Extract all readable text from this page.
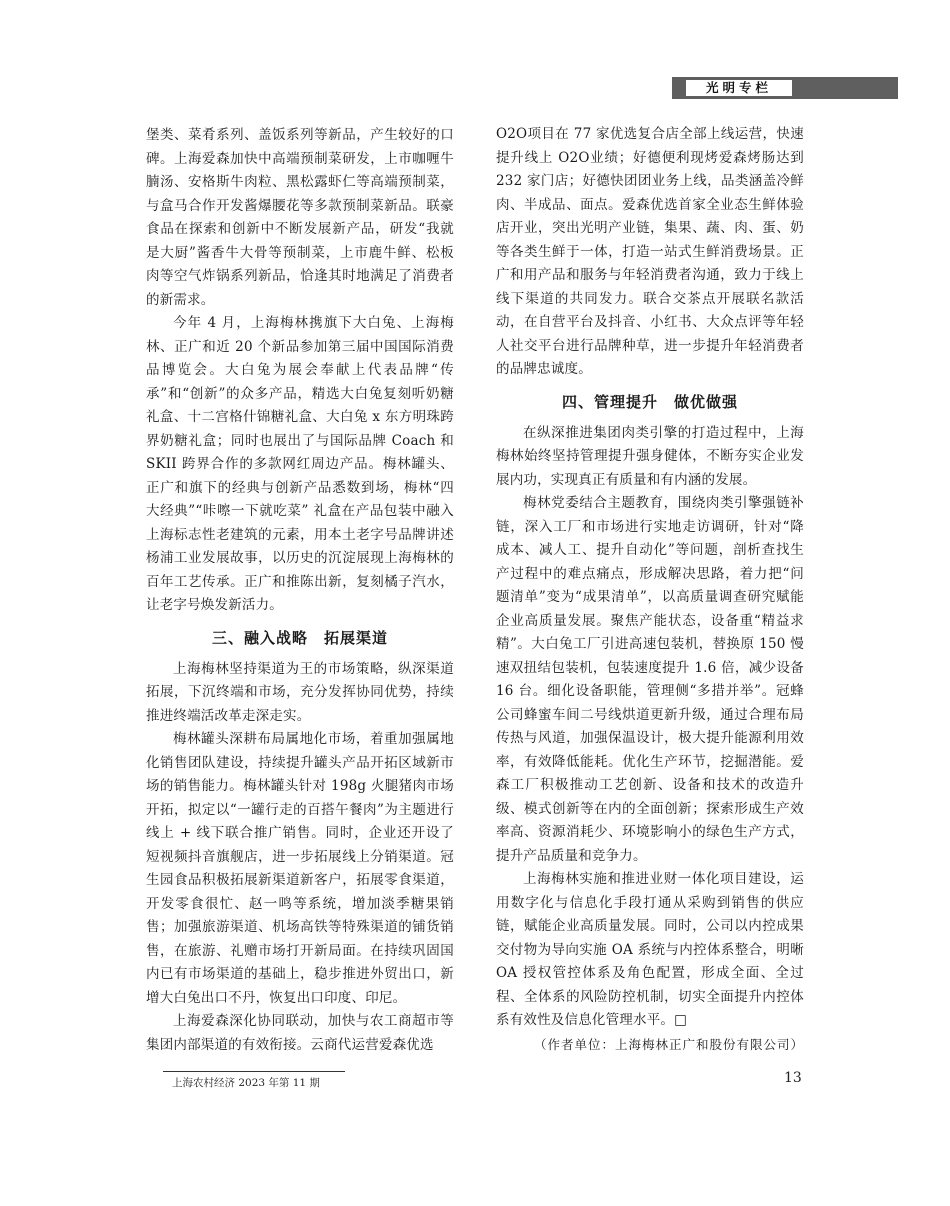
光明专栏

堡类、菜肴系列、盖饭系列等新品，产生较好的口碑。上海爱森加快中高端预制菜研发，上市咖喱牛腩汤、安格斯牛肉粒、黑松露虾仁等高端预制菜，与盒马合作开发酱爆腰花等多款预制菜新品。联豪食品在探索和创新中不断发展新产品，研发“我就是大厨”酱香牛大骨等预制菜，上市鹿牛鲜、松板肉等空气炸锅系列新品，恰逢其时地满足了消费者的新需求。

今年 4 月，上海梅林携旗下大白兔、上海梅林、正广和近 20 个新品参加第三届中国国际消费品博览会。大白兔为展会奉献上代表品牌“传承”和“创新”的众多产品，精选大白兔复刻听奶糖礼盒、十二宫格什锦糖礼盒、大白兔 x 东方明珠跨界奶糖礼盒；同时也展出了与国际品牌 Coach 和 SKII 跨界合作的多款网红周边产品。梅林罐头、正广和旗下的经典与创新产品悉数到场，梅林“四大经典”“咔嚓一下就吃菜” 礼盒在产品包装中融入上海标志性老建筑的元素，用本土老字号品牌讲述杨浦工业发展故事，以历史的沉淀展现上海梅林的百年工艺传承。正广和推陈出新，复刻橘子汽水，让老字号焕发新活力。

三、融入战略　拓展渠道

上海梅林坚持渠道为王的市场策略，纵深渠道拓展，下沉终端和市场，充分发挥协同优势，持续推进终端活改革走深走实。

梅林罐头深耕布局属地化市场，着重加强属地化销售团队建设，持续提升罐头产品开拓区域新市场的销售能力。梅林罐头针对 198g 火腿猪肉市场开拓，拟定以“一罐行走的百搭午餐肉”为主题进行线上 + 线下联合推广销售。同时，企业还开设了短视频抖音旗舰店，进一步拓展线上分销渠道。冠生园食品积极拓展新渠道新客户，拓展零食渠道，开发零食很忙、赵一鸣等系统，增加淡季糖果销售；加强旅游渠道、机场高铁等特殊渠道的铺货销售，在旅游、礼赠市场打开新局面。在持续巩固国内已有市场渠道的基础上，稳步推进外贸出口，新增大白兔出口不丹，恢复出口印度、印尼。

上海爱森深化协同联动，加快与农工商超市等集团内部渠道的有效衔接。云商代运营爱森优选

O2O项目在 77 家优选复合店全部上线运营，快速提升线上 O2O业绩；好德便利现烤爱森烤肠达到 232 家门店；好德快团团业务上线，品类涵盖冷鲜肉、半成品、面点。爱森优选首家全业态生鲜体验店开业，突出光明产业链，集果、蔬、肉、蛋、奶等各类生鲜于一体，打造一站式生鲜消费场景。正广和用产品和服务与年轻消费者沟通，致力于线上线下渠道的共同发力。联合交茶点开展联名款活动，在自营平台及抖音、小红书、大众点评等年轻人社交平台进行品牌种草，进一步提升年轻消费者的品牌忠诚度。

四、管理提升　做优做强

在纵深推进集团肉类引擎的打造过程中，上海梅林始终坚持管理提升强身健体，不断夯实企业发展内功，实现真正有质量和有内涵的发展。

梅林党委结合主题教育，围绕肉类引擎强链补链，深入工厂和市场进行实地走访调研，针对“降成本、减人工、提升自动化”等问题，剖析查找生产过程中的难点痛点，形成解决思路，着力把“问题清单”变为“成果清单”，以高质量调查研究赋能企业高质量发展。聚焦产能状态，设备重“精益求精”。大白兔工厂引进高速包装机，替换原 150 慢速双扭结包装机，包装速度提升 1.6 倍，减少设备 16 台。细化设备职能，管理侧“多措并举”。冠蜂公司蜂蜜车间二号线烘道更新升级，通过合理布局传热与风道，加强保温设计，极大提升能源利用效率，有效降低能耗。优化生产环节，挖掘潜能。爱森工厂积极推动工艺创新、设备和技术的改造升级、模式创新等在内的全面创新；探索形成生产效率高、资源消耗少、环境影响小的绿色生产方式，提升产品质量和竞争力。

上海梅林实施和推进业财一体化项目建设，运用数字化与信息化手段打通从采购到销售的供应链，赋能企业高质量发展。同时，公司以内控成果交付物为导向实施 OA 系统与内控体系整合，明晰 OA 授权管控体系及角色配置，形成全面、全过程、全体系的风险防控机制，切实全面提升内控体系有效性及信息化管理水平。□

（作者单位：上海梅林正广和股份有限公司）

上海农村经济 2023 年第 11 期	13
